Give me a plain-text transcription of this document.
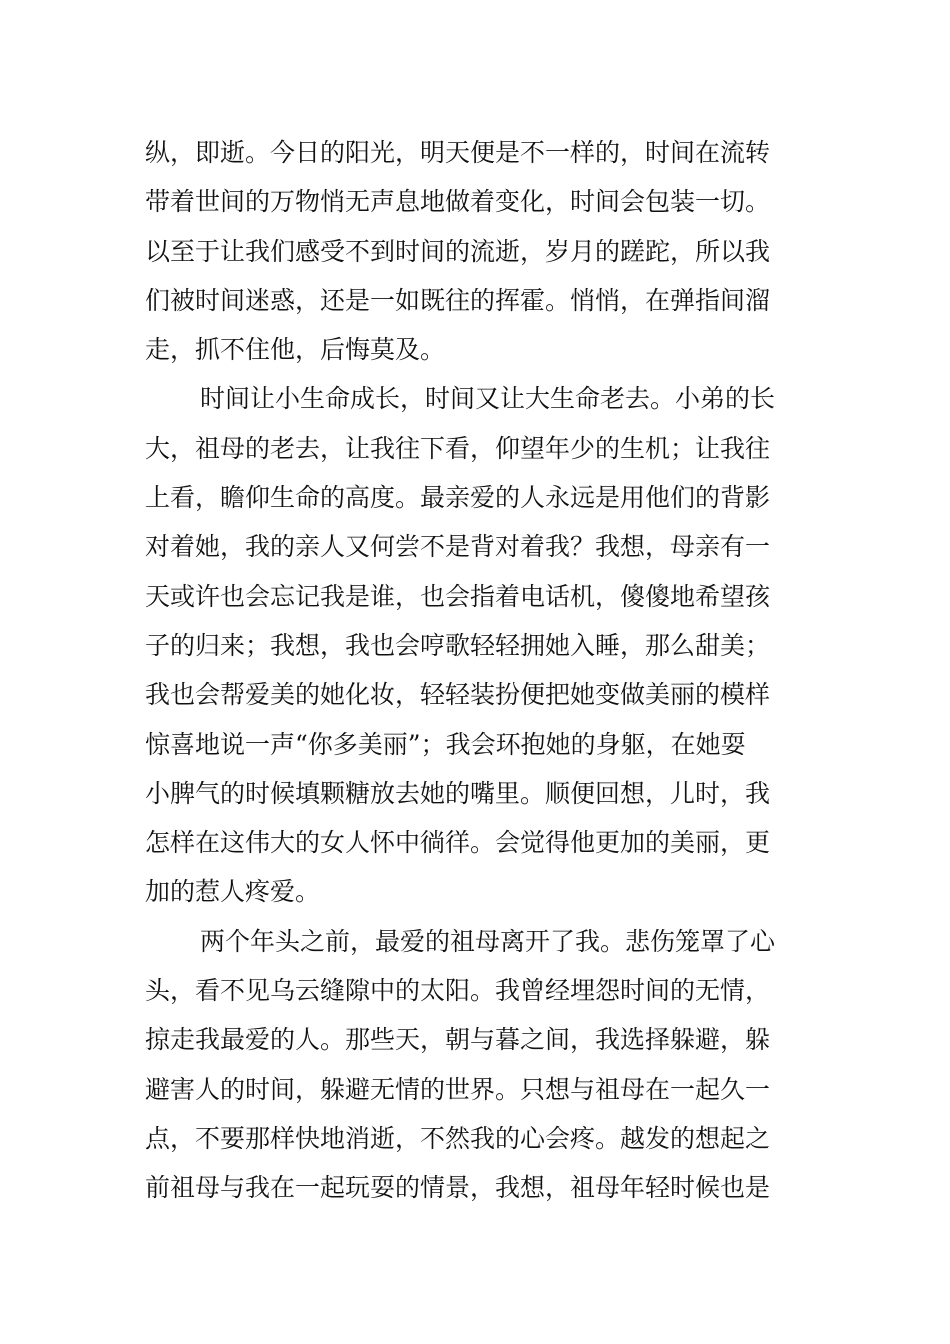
纵，即逝。今日的阳光，明天便是不一样的，时间在流转
带着世间的万物悄无声息地做着变化，时间会包装一切。
以至于让我们感受不到时间的流逝，岁月的蹉跎，所以我
们被时间迷惑，还是一如既往的挥霍。悄悄，在弹指间溜
走，抓不住他，后悔莫及。
时间让小生命成长，时间又让大生命老去。小弟的长
大，祖母的老去，让我往下看，仰望年少的生机；让我往
上看，瞻仰生命的高度。最亲爱的人永远是用他们的背影
对着她，我的亲人又何尝不是背对着我？我想，母亲有一
天或许也会忘记我是谁，也会指着电话机，傻傻地希望孩
子的归来；我想，我也会哼歌轻轻拥她入睡，那么甜美；
我也会帮爱美的她化妆，轻轻装扮便把她变做美丽的模样
惊喜地说一声“你多美丽”；我会环抱她的身躯，在她耍
小脾气的时候填颗糖放去她的嘴里。顺便回想，儿时，我
怎样在这伟大的女人怀中徜徉。会觉得他更加的美丽，更
加的惹人疼爱。
两个年头之前，最爱的祖母离开了我。悲伤笼罩了心
头，看不见乌云缝隙中的太阳。我曾经埋怨时间的无情，
掠走我最爱的人。那些天，朝与暮之间，我选择躲避，躲
避害人的时间，躲避无情的世界。只想与祖母在一起久一
点，不要那样快地消逝，不然我的心会疼。越发的想起之
前祖母与我在一起玩耍的情景，我想，祖母年轻时候也是
